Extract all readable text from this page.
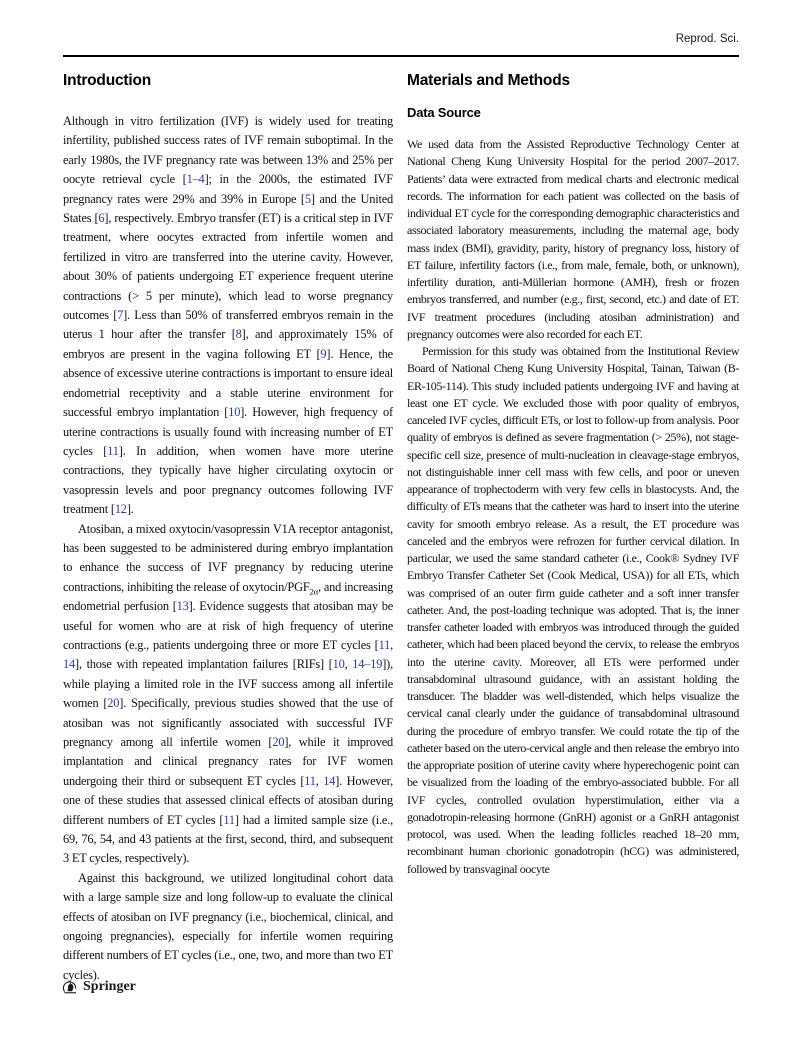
Reprod. Sci.
Introduction

Although in vitro fertilization (IVF) is widely used for treating infertility, published success rates of IVF remain suboptimal. In the early 1980s, the IVF pregnancy rate was between 13% and 25% per oocyte retrieval cycle [1–4]; in the 2000s, the estimated IVF pregnancy rates were 29% and 39% in Europe [5] and the United States [6], respectively. Embryo transfer (ET) is a critical step in IVF treatment, where oocytes extracted from infertile women and fertilized in vitro are transferred into the uterine cavity. However, about 30% of patients undergoing ET experience frequent uterine contractions (> 5 per minute), which lead to worse pregnancy outcomes [7]. Less than 50% of transferred embryos remain in the uterus 1 hour after the transfer [8], and approximately 15% of embryos are present in the vagina following ET [9]. Hence, the absence of excessive uterine contractions is important to ensure ideal endometrial receptivity and a stable uterine environment for successful embryo implantation [10]. However, high frequency of uterine contractions is usually found with increasing number of ET cycles [11]. In addition, when women have more uterine contractions, they typically have higher circulating oxytocin or vasopressin levels and poor pregnancy outcomes following IVF treatment [12].

Atosiban, a mixed oxytocin/vasopressin V1A receptor antagonist, has been suggested to be administered during embryo implantation to enhance the success of IVF pregnancy by reducing uterine contractions, inhibiting the release of oxytocin/$PGF_{2\alpha}$, and increasing endometrial perfusion [13]. Evidence suggests that atosiban may be useful for women who are at risk of high frequency of uterine contractions (e.g., patients undergoing three or more ET cycles [11, 14], those with repeated implantation failures [RIFs] [10, 14–19]), while playing a limited role in the IVF success among all infertile women [20]. Specifically, previous studies showed that the use of atosiban was not significantly associated with successful IVF pregnancy among all infertile women [20], while it improved implantation and clinical pregnancy rates for IVF women undergoing their third or subsequent ET cycles [11, 14]. However, one of these studies that assessed clinical effects of atosiban during different numbers of ET cycles [11] had a limited sample size (i.e., 69, 76, 54, and 43 patients at the first, second, third, and subsequent 3 ET cycles, respectively).

Against this background, we utilized longitudinal cohort data with a large sample size and long follow-up to evaluate the clinical effects of atosiban on IVF pregnancy (i.e., biochemical, clinical, and ongoing pregnancies), especially for infertile women requiring different numbers of ET cycles (i.e., one, two, and more than two ET cycles).

Materials and Methods
Data Source

We used data from the Assisted Reproductive Technology Center at National Cheng Kung University Hospital for the period 2007–2017. Patients’ data were extracted from medical charts and electronic medical records. The information for each patient was collected on the basis of individual ET cycle for the corresponding demographic characteristics and associated laboratory measurements, including the maternal age, body mass index (BMI), gravidity, parity, history of pregnancy loss, history of ET failure, infertility factors (i.e., from male, female, both, or unknown), infertility duration, anti-Müllerian hormone (AMH), fresh or frozen embryos transferred, and number (e.g., first, second, etc.) and date of ET. IVF treatment procedures (including atosiban administration) and pregnancy outcomes were also recorded for each ET.

Permission for this study was obtained from the Institutional Review Board of National Cheng Kung University Hospital, Tainan, Taiwan (B-ER-105-114). This study included patients undergoing IVF and having at least one ET cycle. We excluded those with poor quality of embryos, canceled IVF cycles, difficult ETs, or lost to follow-up from analysis. Poor quality of embryos is defined as severe fragmentation (> 25%), not stage-specific cell size, presence of multi-nucleation in cleavage-stage embryos, not distinguishable inner cell mass with few cells, and poor or uneven appearance of trophectoderm with very few cells in blastocysts. And, the difficulty of ETs means that the catheter was hard to insert into the uterine cavity for smooth embryo release. As a result, the ET procedure was canceled and the embryos were refrozen for further cervical dilation. In particular, we used the same standard catheter (i.e., Cook® Sydney IVF Embryo Transfer Catheter Set (Cook Medical, USA)) for all ETs, which was comprised of an outer firm guide catheter and a soft inner transfer catheter. And, the post-loading technique was adopted. That is, the inner transfer catheter loaded with embryos was introduced through the guided catheter, which had been placed beyond the cervix, to release the embryos into the uterine cavity. Moreover, all ETs were performed under transabdominal ultrasound guidance, with an assistant holding the transducer. The bladder was well-distended, which helps visualize the cervical canal clearly under the guidance of transabdominal ultrasound during the procedure of embryo transfer. We could rotate the tip of the catheter based on the utero-cervical angle and then release the embryo into the appropriate position of uterine cavity where hyperechogenic point can be visualized from the loading of the embryo-associated bubble. For all IVF cycles, controlled ovulation hyperstimulation, either via a gonadotropin-releasing hormone (GnRH) agonist or a GnRH antagonist protocol, was used. When the leading follicles reached 18–20 mm, recombinant human chorionic gonadotropin (hCG) was administered, followed by transvaginal oocyte

Springer
